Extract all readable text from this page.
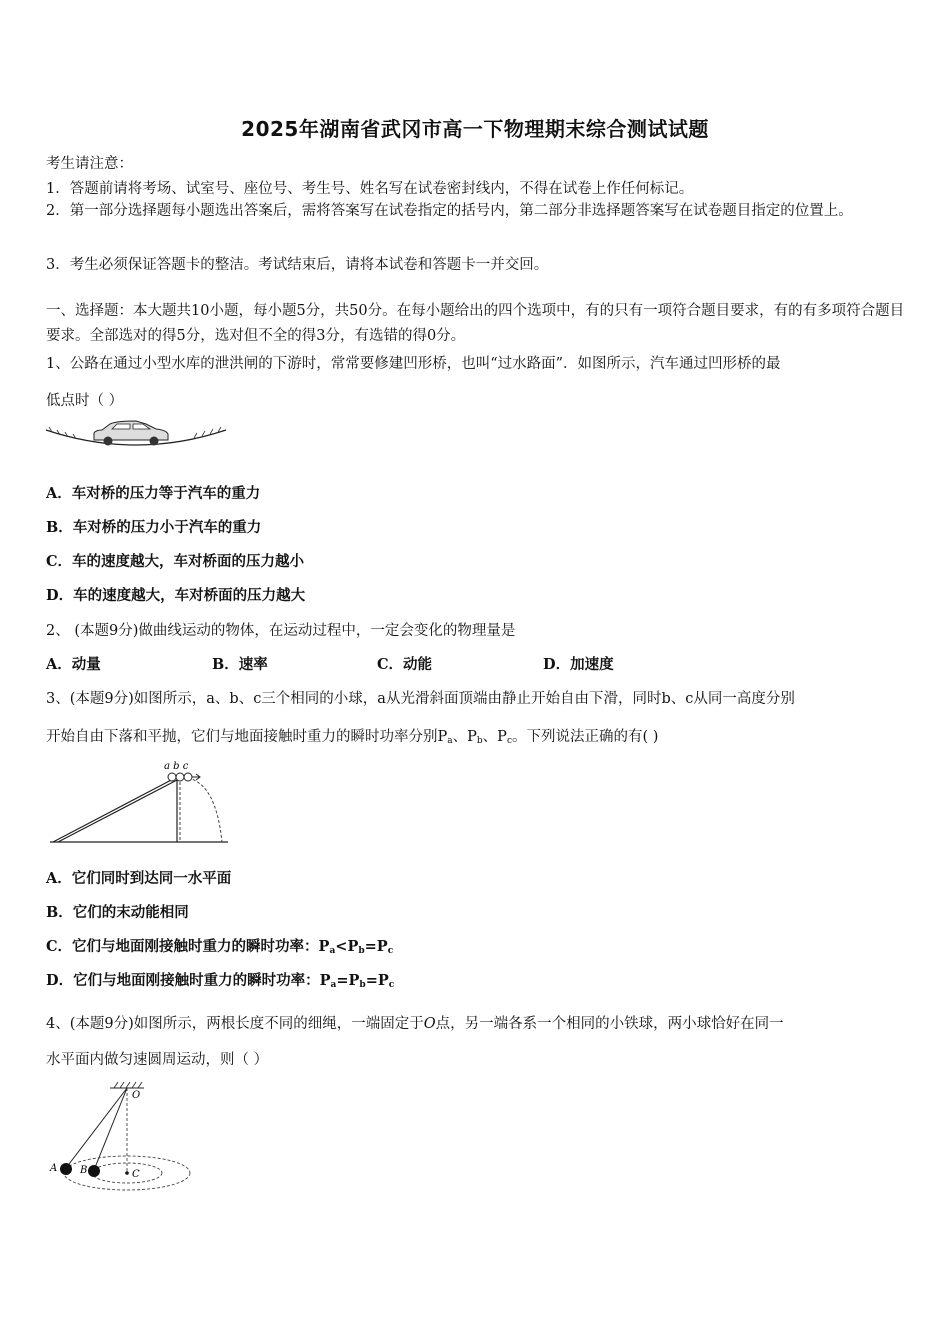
2025年湖南省武冈市高一下物理期末综合测试试题
考生请注意：
1．答题前请将考场、试室号、座位号、考生号、姓名写在试卷密封线内，不得在试卷上作任何标记。
2．第一部分选择题每小题选出答案后，需将答案写在试卷指定的括号内，第二部分非选择题答案写在试卷题目指定的位置上。
3．考生必须保证答题卡的整洁。考试结束后，请将本试卷和答题卡一并交回。
一、选择题：本大题共10小题，每小题5分，共50分。在每小题给出的四个选项中，有的只有一项符合题目要求，有的有多项符合题目要求。全部选对的得5分，选对但不全的得3分，有选错的得0分。
1、公路在通过小型水库的泄洪闸的下游时，常常要修建凹形桥，也叫“过水路面”．如图所示，汽车通过凹形桥的最
低点时（ ）
A．车对桥的压力等于汽车的重力
B．车对桥的压力小于汽车的重力
C．车的速度越大，车对桥面的压力越小
D．车的速度越大，车对桥面的压力越大
2、 (本题9分)做曲线运动的物体，在运动过程中，一定会变化的物理量是
A．动量	B．速率	C．动能	D．加速度
3、(本题9分)如图所示，a、b、c三个相同的小球，a从光滑斜面顶端由静止开始自由下滑，同时b、c从同一高度分别
开始自由下落和平抛，它们与地面接触时重力的瞬时功率分别$P_a$、$P_b$、$P_c$。下列说法正确的有( )
a b c
A．它们同时到达同一水平面
B．它们的末动能相同
C．它们与地面刚接触时重力的瞬时功率：$P_a<P_b=P_c$
D．它们与地面刚接触时重力的瞬时功率：$P_a=P_b=P_c$
4、(本题9分)如图所示，两根长度不同的细绳，一端固定于O点，另一端各系一个相同的小铁球，两小球恰好在同一
水平面内做匀速圆周运动，则（ ）
O
A B	C
